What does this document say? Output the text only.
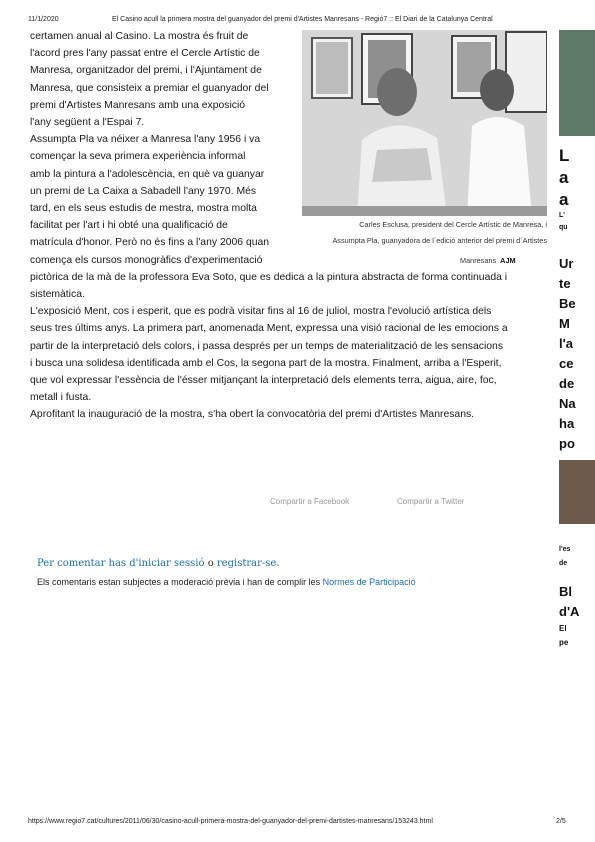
11/1/2020	El Casino acull la primera mostra del guanyador del premi d'Artistes Manresans - Regió7 :: El Diari de la Catalunya Central

certamen anual al Casino. La mostra és fruit de

l'acord pres l'any passat entre el Cercle Artístic de

Manresa, organitzador del premi, i l'Ajuntament de

Manresa, que consisteix a premiar el guanyador del

premi d'Artistes Manresans amb una exposició

l'any següent a l'Espai 7.

Assumpta Pla va néixer a Manresa l'any 1956 i va

començar la seva primera experiència informal

amb la pintura a l'adolescència, en què va guanyar

un premi de La Caixa a Sabadell l'any 1970. Més

tard, en els seus estudis de mestra, mostra molta

facilitat per l'art i hi obté una qualificació de

matrícula d'honor. Però no és fins a l'any 2006 quan

comença els cursos monogràfics d'experimentació

pictòrica de la mà de la professora Eva Soto, que es dedica a la pintura abstracta de forma continuada i

sistemàtica.

L'exposició Ment, cos i esperit, que es podrà visitar fins al 16 de juliol, mostra l'evolució artística dels

seus tres últims anys. La primera part, anomenada Ment, expressa una visió racional de les emocions a

partir de la interpretació dels colors, i passa després per un temps de materialització de les sensacions

i busca una solidesa identificada amb el Cos, la segona part de la mostra. Finalment, arriba a l'Esperit,

que vol expressar l'essència de l'ésser mitjançant la interpretació dels elements terra, aigua, aire, foc,

metall i fusta.

Aprofitant la inauguració de la mostra, s'ha obert la convocatòria del premi d'Artistes Manresans.

Carles Esclusa, president del Cercle Artístic de Manresa, i
Assumpta Pla, guanyadora de l´edició anterior del premi d´Artistes
Manresans AJM
Compartir a Facebook	Compartir a Twitter
Per comentar has d'iniciar sessió o registrar-se.
Els comentaris estan subjectes a moderació prèvia i han de complir les Normes de Participació
L
a
a
L'
qu
Ur
te
Be
M
l'a
ce
de
Na
ha
po
l'es
de
Bl
d'A
El
pe
https://www.regio7.cat/cultures/2011/06/30/casino-acull-primera-mostra-del-guanyador-del-premi-dartistes-manresans/153243.html	2/5
